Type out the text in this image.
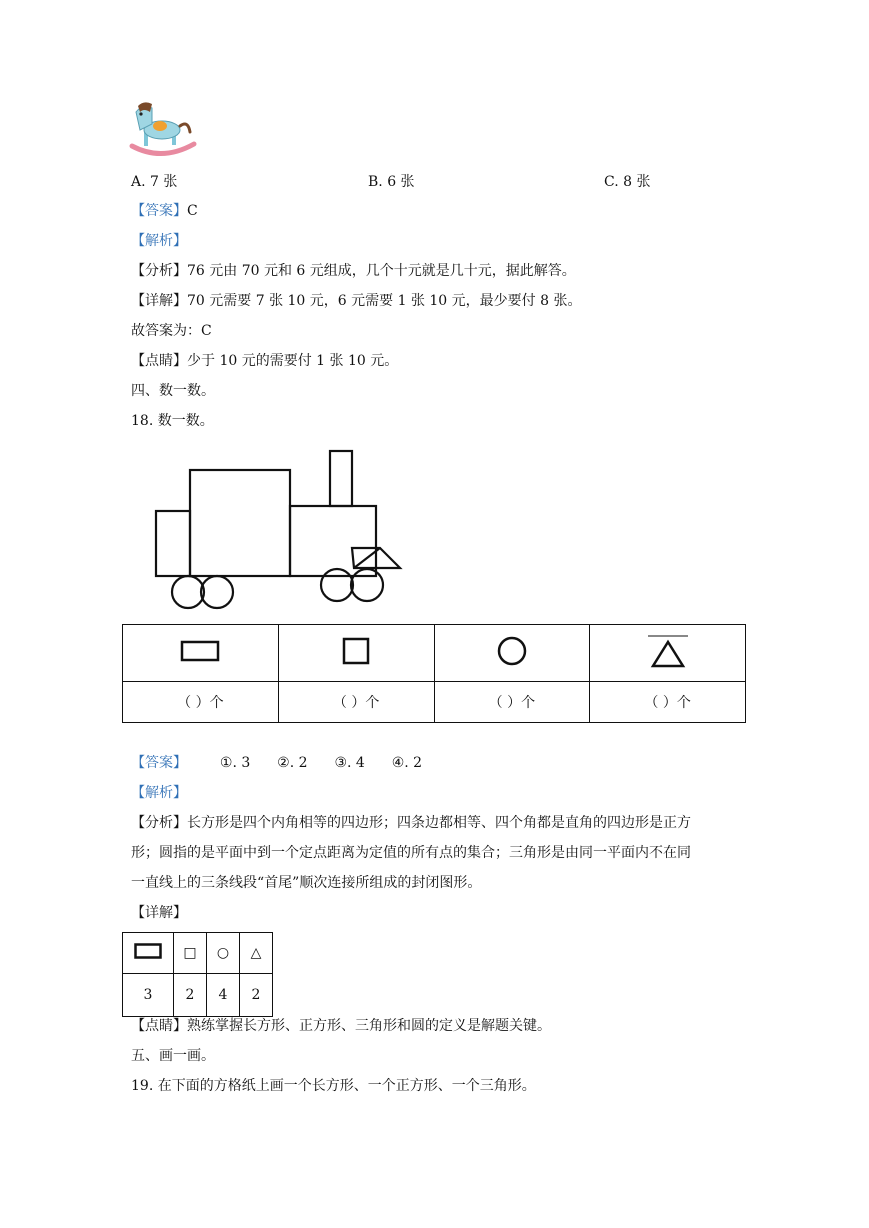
A. 7 张	B. 6 张	C. 8 张
【答案】C
【解析】
【分析】76 元由 70 元和 6 元组成，几个十元就是几十元，据此解答。
【详解】70 元需要 7 张 10 元，6 元需要 1 张 10 元，最少要付 8 张。
故答案为：C
【点睛】少于 10 元的需要付 1 张 10 元。
四、数一数。
18. 数一数。

（ ）个	（ ）个	（ ）个	（ ）个
【答案】 ①. 3 ②. 2 ③. 4 ④. 2
【解析】
【分析】长方形是四个内角相等的四边形；四条边都相等、四个角都是直角的四边形是正方
形；圆指的是平面中到一个定点距离为定值的所有点的集合；三角形是由同一平面内不在同
一直线上的三条线段“首尾”顺次连接所组成的封闭图形。
【详解】
	□	○	△
3	2	4	2
【点睛】熟练掌握长方形、正方形、三角形和圆的定义是解题关键。
五、画一画。
19. 在下面的方格纸上画一个长方形、一个正方形、一个三角形。
